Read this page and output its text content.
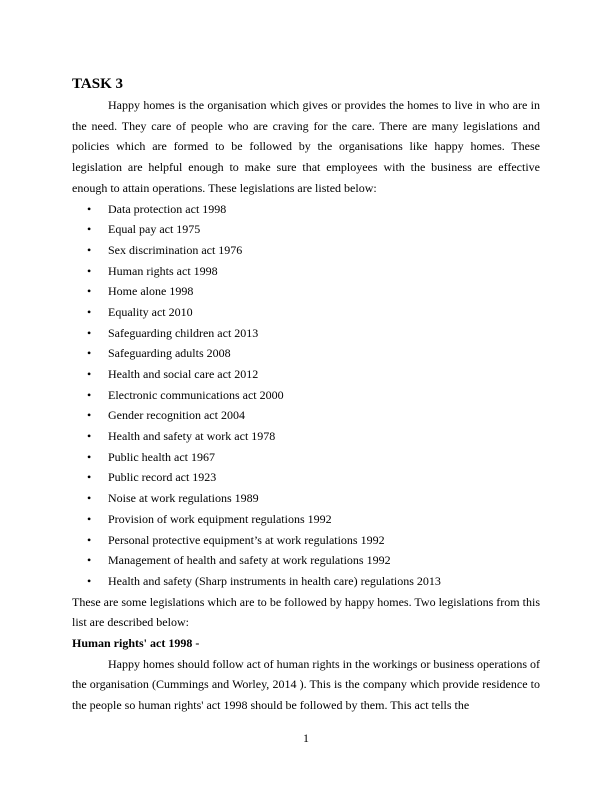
TASK 3

Happy homes is the organisation which gives or provides the homes to live in who are in the need. They care of people who are craving for the care. There are many legislations and policies which are formed to be followed by the organisations like happy homes. These legislation are helpful enough to make sure that employees with the business are effective enough to attain operations. These legislations are listed below:

• Data protection act 1998
• Equal pay act 1975
• Sex discrimination act 1976
• Human rights act 1998
• Home alone 1998
• Equality act 2010
• Safeguarding children act 2013
• Safeguarding adults 2008
• Health and social care act 2012
• Electronic communications act 2000
• Gender recognition act 2004
• Health and safety at work act 1978
• Public health act 1967
• Public record act 1923
• Noise at work regulations 1989
• Provision of work equipment regulations 1992
• Personal protective equipment’s at work regulations 1992
• Management of health and safety at work regulations 1992
• Health and safety (Sharp instruments in health care) regulations 2013

These are some legislations which are to be followed by happy homes. Two legislations from this list are described below:

Human rights' act 1998 -

Happy homes should follow act of human rights in the workings or business operations of the organisation (Cummings and Worley, 2014 ). This is the company which provide residence to the people so human rights' act 1998 should be followed by them. This act tells the

1
